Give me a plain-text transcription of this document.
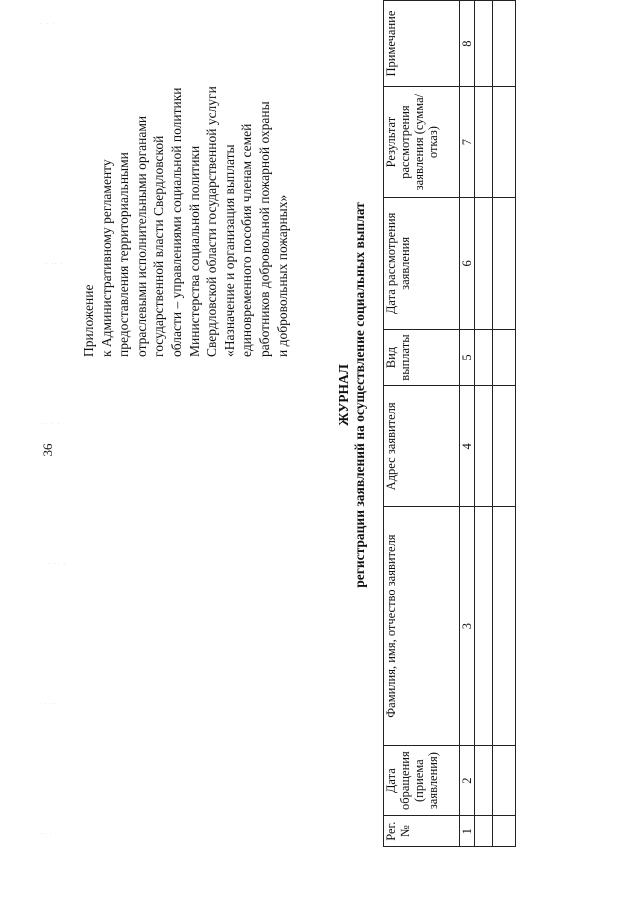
36
Приложение к Административному регламенту предоставления территориальными отраслевыми исполнительными органами государственной власти Свердловской области – управлениями социальной политики Министерства социальной политики Свердловской области государственной услуги «Назначение и организация выплаты единовременного пособия членам семей работников добровольной пожарной охраны и добровольных пожарных»
ЖУРНАЛ регистрации заявлений на осуществление социальных выплат
Рег. №	Дата обращения (приема заявления)	Фамилия, имя, отчество заявителя	Адрес заявителя	Вид выплаты	Дата рассмотрения заявления	Результат рассмотрения заявления (сумма/отказ)	Примечание
1	2	3	4	5	6	7	8

· · ·
· ·· ·
·· · ·
· ·· ·
· ··
·· ·
